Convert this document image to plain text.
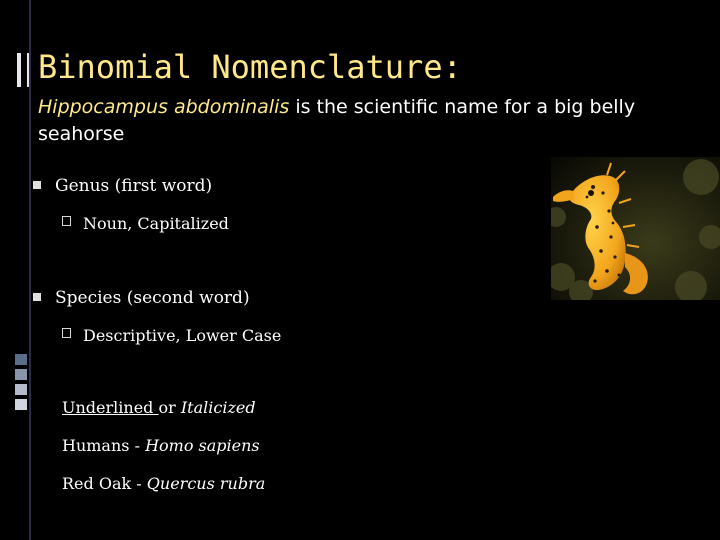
Binomial Nomenclature:
Hippocampus abdominalis is the scientific name for a big belly seahorse
Genus (first word)
Noun, Capitalized
Species (second word)
Descriptive, Lower Case
Underlined or Italicized
Humans - Homo sapiens
Red Oak - Quercus rubra
